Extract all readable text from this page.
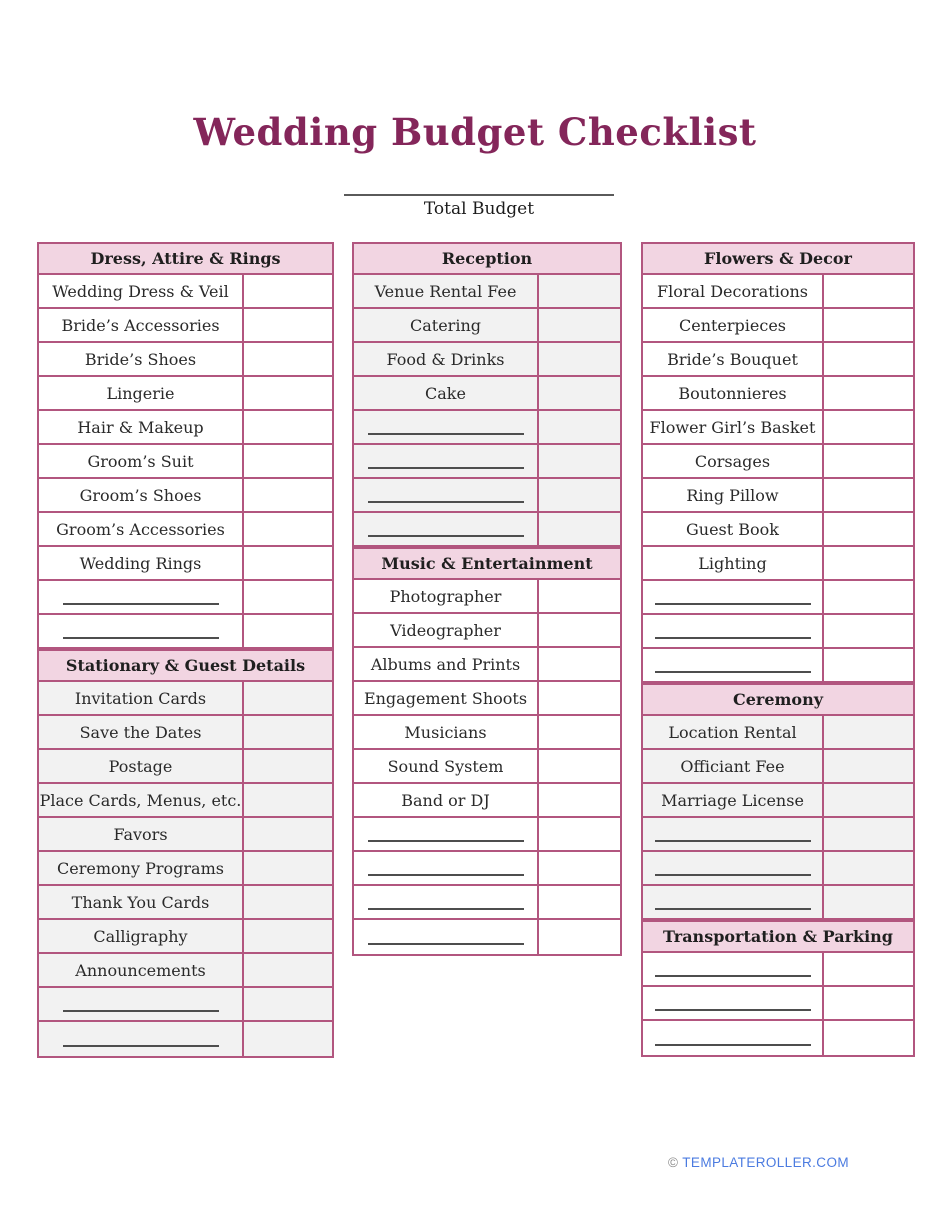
Wedding Budget Checklist
Total Budget
Dress, Attire & Rings
Wedding Dress & Veil
Bride’s Accessories
Bride’s Shoes
Lingerie
Hair & Makeup
Groom’s Suit
Groom’s Shoes
Groom’s Accessories
Wedding Rings
Stationary & Guest Details
Invitation Cards
Save the Dates
Postage
Place Cards, Menus, etc.
Favors
Ceremony Programs
Thank You Cards
Calligraphy
Announcements
Reception
Venue Rental Fee
Catering
Food & Drinks
Cake
Music & Entertainment
Photographer
Videographer
Albums and Prints
Engagement Shoots
Musicians
Sound System
Band or DJ
Flowers & Decor
Floral Decorations
Centerpieces
Bride’s Bouquet
Boutonnieres
Flower Girl’s Basket
Corsages
Ring Pillow
Guest Book
Lighting
Ceremony
Location Rental
Officiant Fee
Marriage License
Transportation & Parking
© TEMPLATEROLLER.COM
